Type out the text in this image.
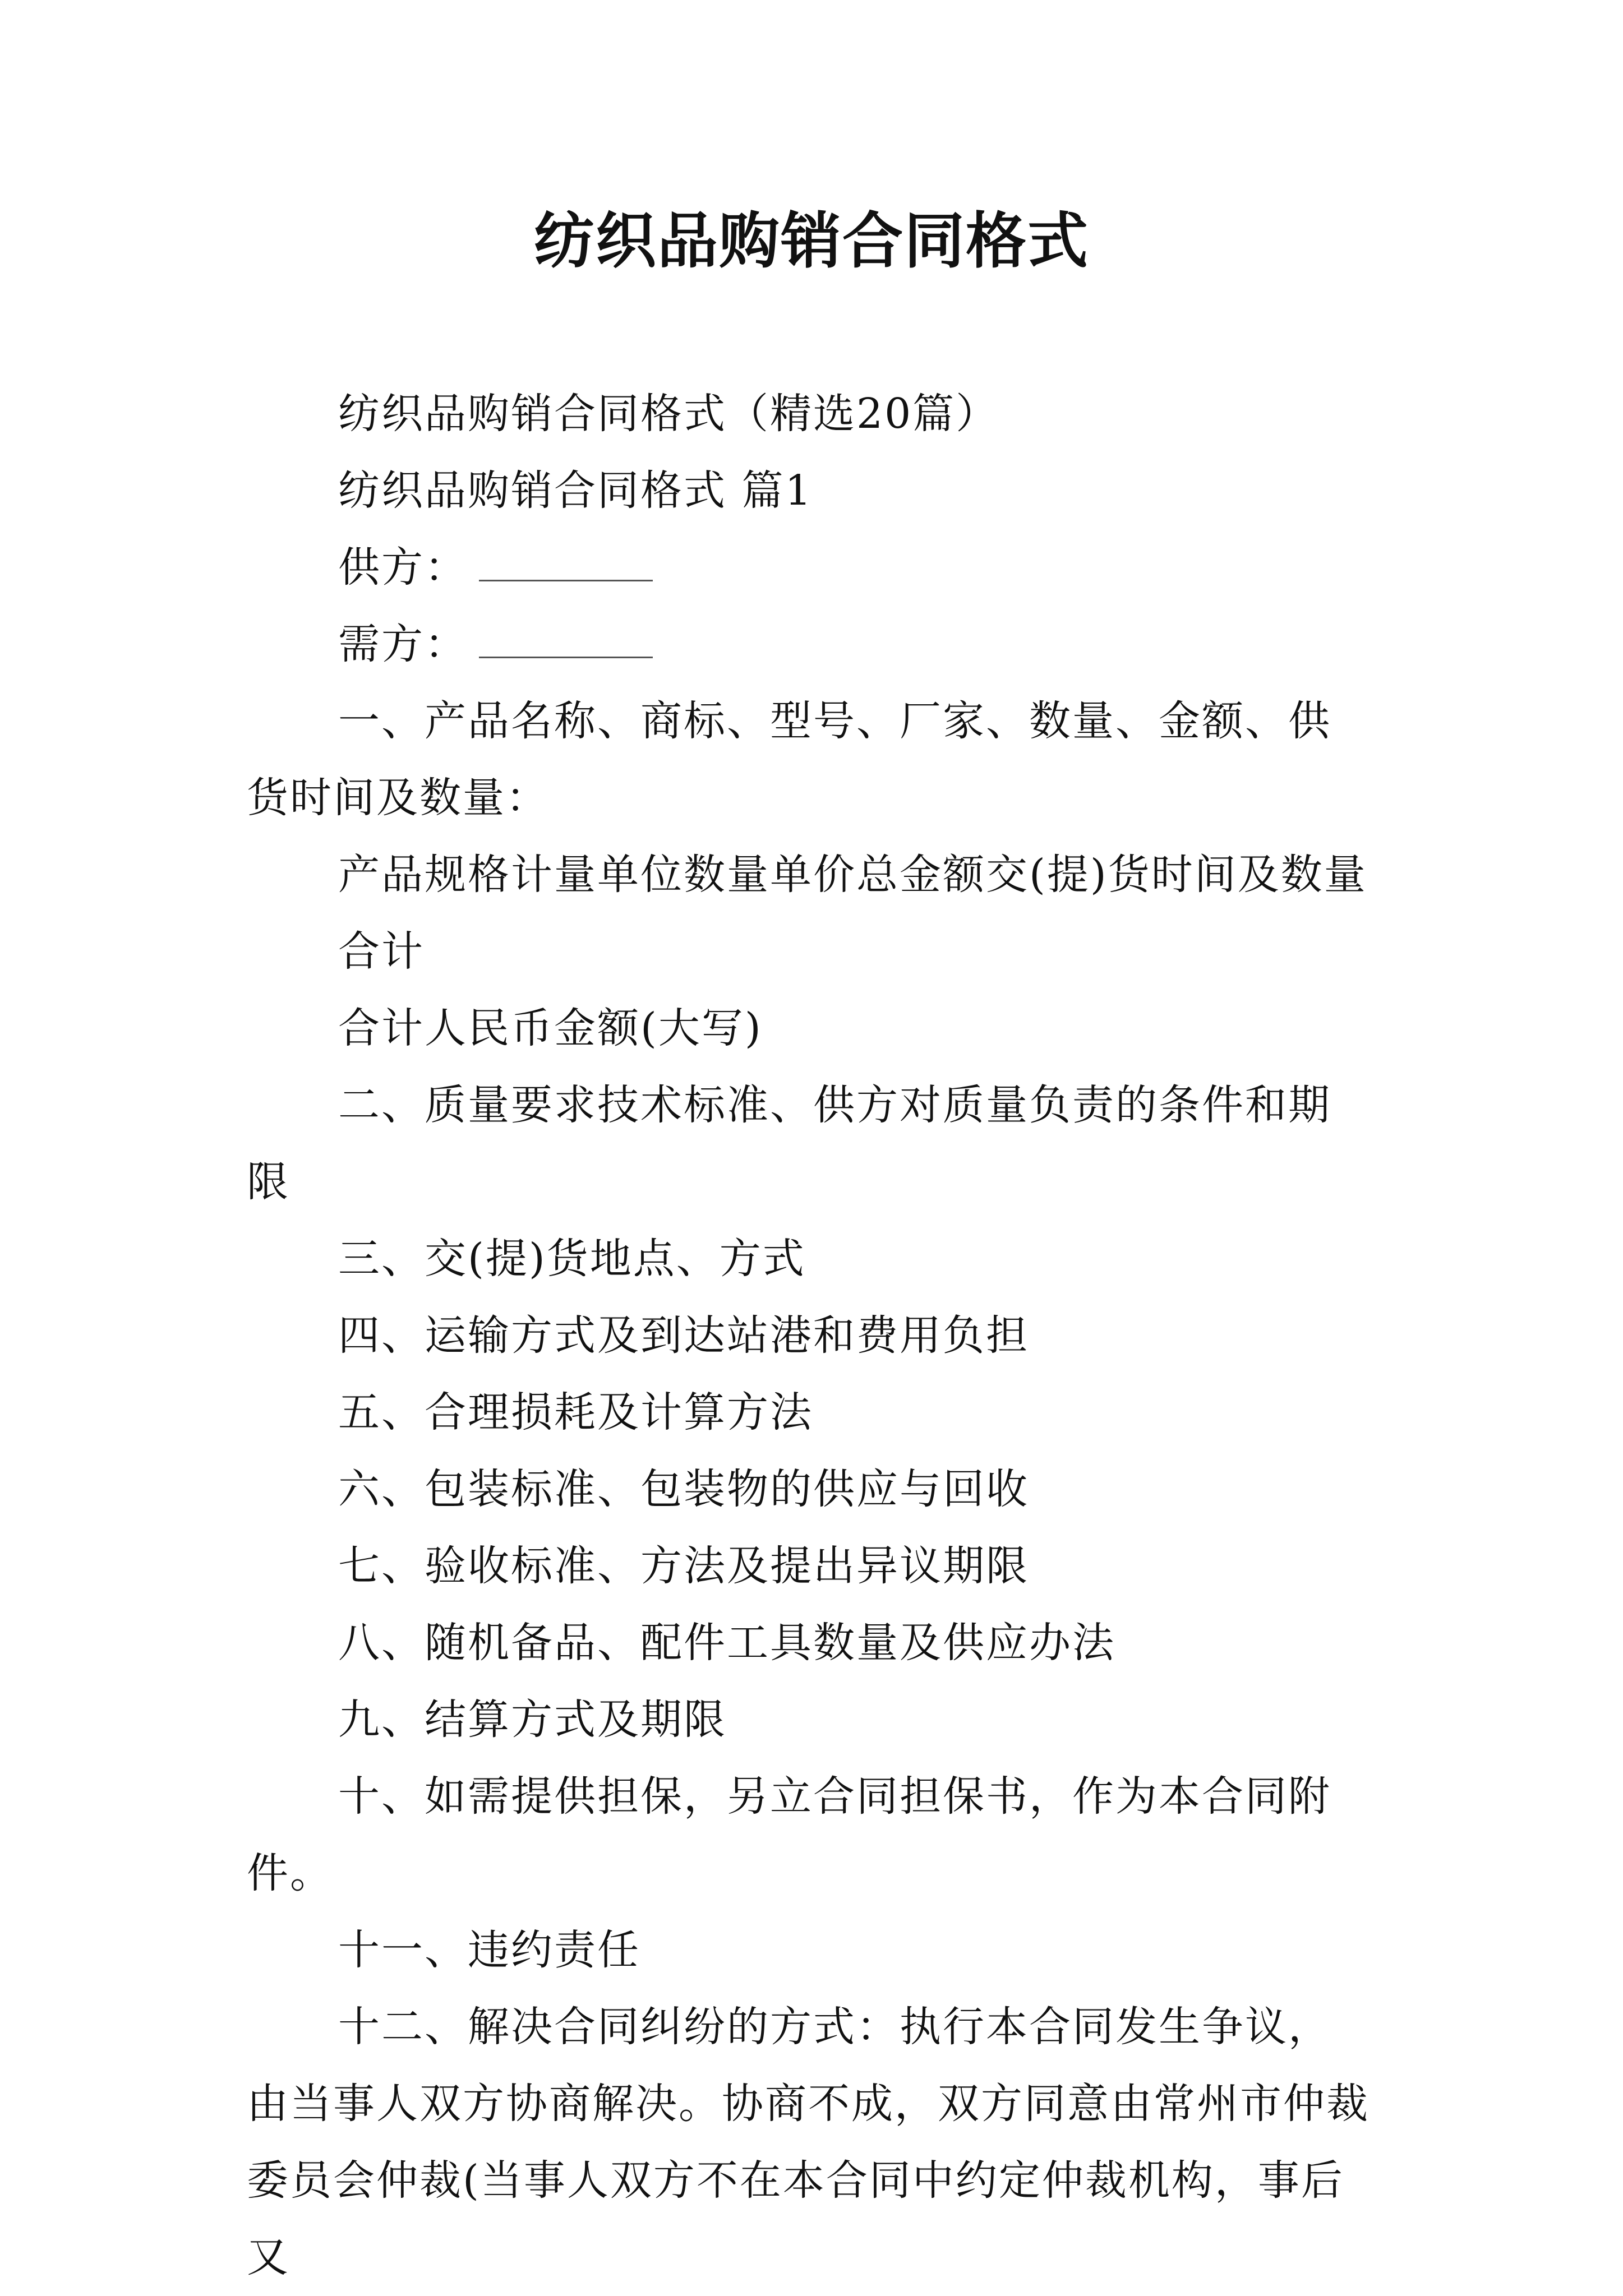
纺织品购销合同格式

纺织品购销合同格式（精选20篇）

纺织品购销合同格式 篇1

供方：

需方：

一、产品名称、商标、型号、厂家、数量、金额、供货时间及数量：

产品规格计量单位数量单价总金额交(提)货时间及数量

合计

合计人民币金额(大写)

二、质量要求技术标准、供方对质量负责的条件和期限

三、交(提)货地点、方式

四、运输方式及到达站港和费用负担

五、合理损耗及计算方法

六、包装标准、包装物的供应与回收

七、验收标准、方法及提出异议期限

八、随机备品、配件工具数量及供应办法

九、结算方式及期限

十、如需提供担保，另立合同担保书，作为本合同附件。

十一、违约责任

十二、解决合同纠纷的方式：执行本合同发生争议，由当事人双方协商解决。协商不成，双方同意由常州市仲裁委员会仲裁(当事人双方不在本合同中约定仲裁机构，事后又
